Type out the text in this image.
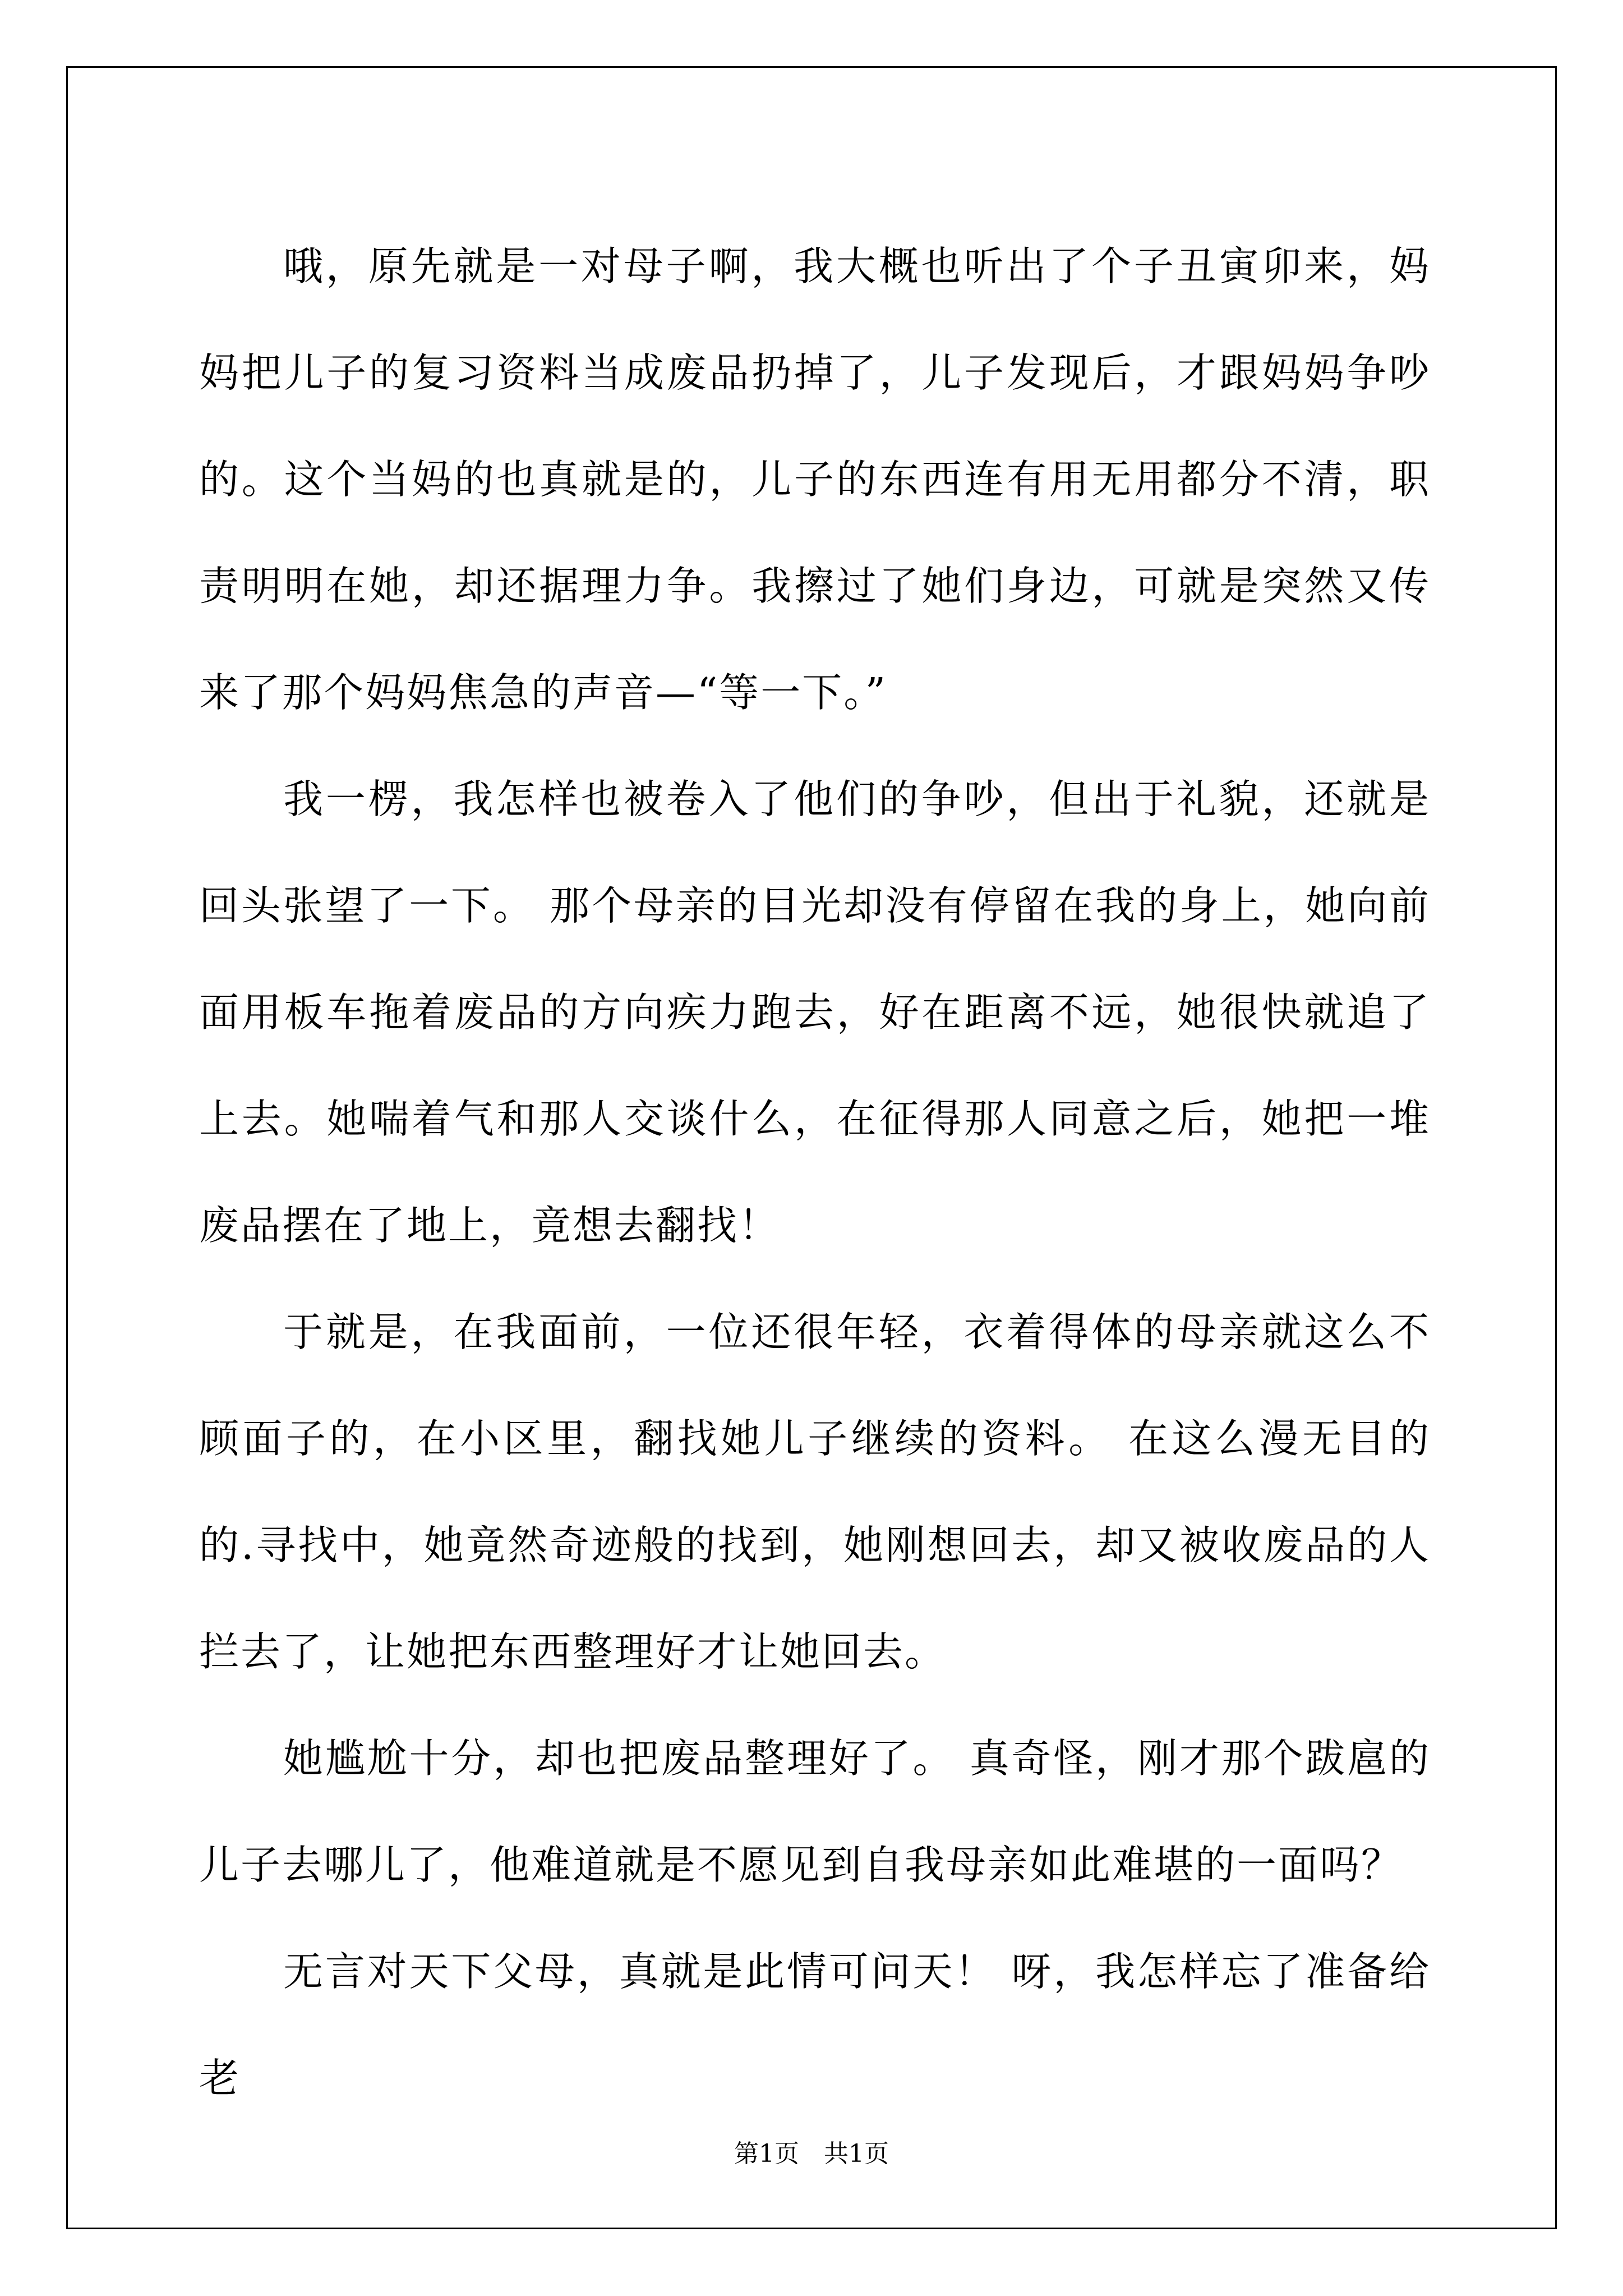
哦，原先就是一对母子啊，我大概也听出了个子丑寅卯来，妈妈把儿子的复习资料当成废品扔掉了，儿子发现后，才跟妈妈争吵的。这个当妈的也真就是的，儿子的东西连有用无用都分不清，职责明明在她，却还据理力争。我擦过了她们身边，可就是突然又传来了那个妈妈焦急的声音—“等一下。”

我一楞，我怎样也被卷入了他们的争吵，但出于礼貌，还就是回头张望了一下。 那个母亲的目光却没有停留在我的身上，她向前面用板车拖着废品的方向疾力跑去，好在距离不远，她很快就追了上去。她喘着气和那人交谈什么，在征得那人同意之后，她把一堆废品摆在了地上，竟想去翻找！

于就是，在我面前，一位还很年轻，衣着得体的母亲就这么不顾面子的，在小区里，翻找她儿子继续的资料。 在这么漫无目的的.寻找中，她竟然奇迹般的找到，她刚想回去，却又被收废品的人拦去了，让她把东西整理好才让她回去。

她尴尬十分，却也把废品整理好了。 真奇怪，刚才那个跋扈的儿子去哪儿了，他难道就是不愿见到自我母亲如此难堪的一面吗？

无言对天下父母，真就是此情可问天！ 呀，我怎样忘了准备给老

第1页　共1页
